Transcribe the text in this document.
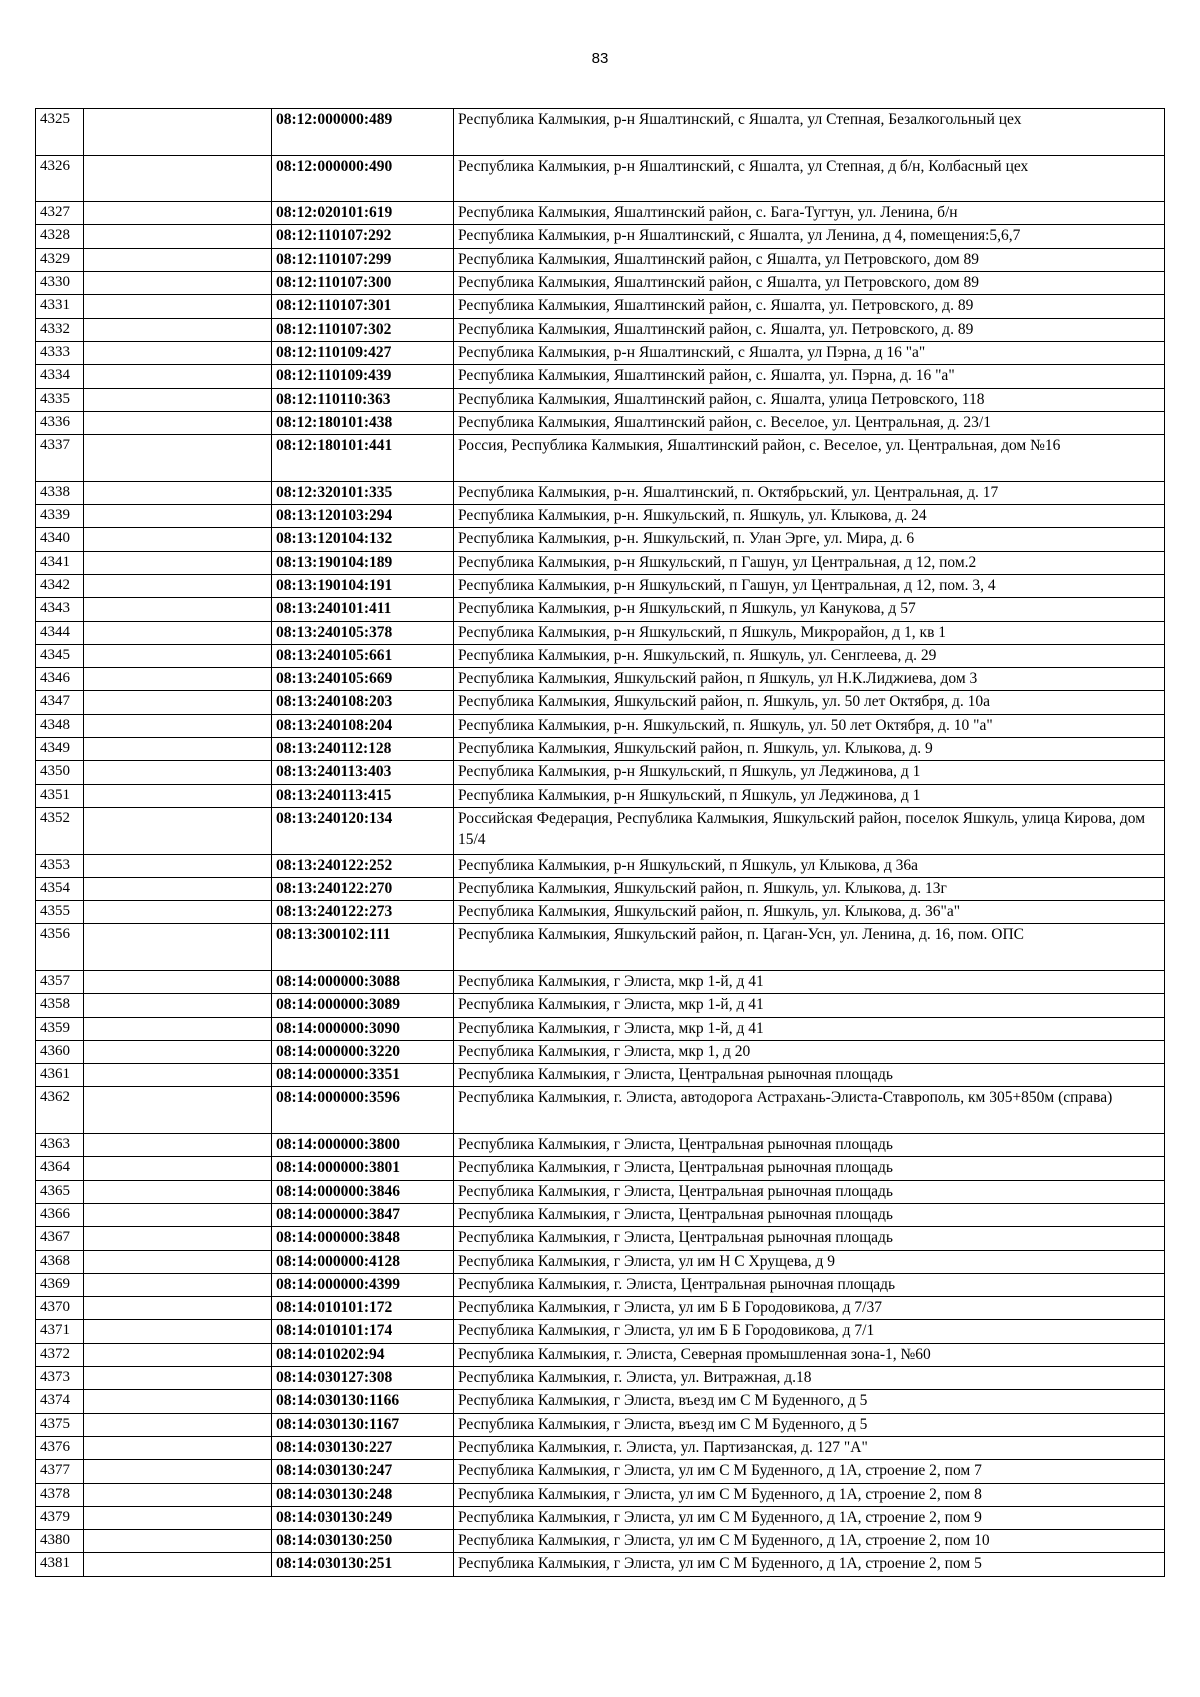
83
4325		08:12:000000:489	Республика Калмыкия, р-н Яшалтинский, с Яшалта, ул Степная, Безалкогольный цех
4326		08:12:000000:490	Республика Калмыкия, р-н Яшалтинский, с Яшалта, ул Степная, д б/н, Колбасный цех
4327		08:12:020101:619	Республика Калмыкия, Яшалтинский район, с. Бага-Тугтун, ул. Ленина, б/н
4328		08:12:110107:292	Республика Калмыкия, р-н Яшалтинский, с Яшалта, ул Ленина, д 4, помещения:5,6,7
4329		08:12:110107:299	Республика Калмыкия, Яшалтинский район, с Яшалта, ул Петровского, дом 89
4330		08:12:110107:300	Республика Калмыкия, Яшалтинский район, с Яшалта, ул Петровского, дом 89
4331		08:12:110107:301	Республика Калмыкия, Яшалтинский район, с. Яшалта, ул. Петровского, д. 89
4332		08:12:110107:302	Республика Калмыкия, Яшалтинский район, с. Яшалта, ул. Петровского, д. 89
4333		08:12:110109:427	Республика Калмыкия, р-н Яшалтинский, с Яшалта, ул Пэрна, д 16 "а"
4334		08:12:110109:439	Республика Калмыкия, Яшалтинский район, с. Яшалта, ул. Пэрна, д. 16 "а"
4335		08:12:110110:363	Республика Калмыкия, Яшалтинский район, с. Яшалта, улица Петровского, 118
4336		08:12:180101:438	Республика Калмыкия, Яшалтинский район, с. Веселое, ул. Центральная, д. 23/1
4337		08:12:180101:441	Россия, Республика Калмыкия, Яшалтинский район, с. Веселое, ул. Центральная, дом №16
4338		08:12:320101:335	Республика Калмыкия, р-н. Яшалтинский, п. Октябрьский, ул. Центральная, д. 17
4339		08:13:120103:294	Республика Калмыкия, р-н. Яшкульский, п. Яшкуль, ул. Клыкова, д. 24
4340		08:13:120104:132	Республика Калмыкия, р-н. Яшкульский, п. Улан Эрге, ул. Мира, д. 6
4341		08:13:190104:189	Республика Калмыкия, р-н Яшкульский, п Гашун, ул Центральная, д 12, пом.2
4342		08:13:190104:191	Республика Калмыкия, р-н Яшкульский, п Гашун, ул Центральная, д 12, пом. 3, 4
4343		08:13:240101:411	Республика Калмыкия, р-н Яшкульский, п Яшкуль, ул Канукова, д 57
4344		08:13:240105:378	Республика Калмыкия, р-н Яшкульский, п Яшкуль, Микрорайон, д 1, кв 1
4345		08:13:240105:661	Республика Калмыкия, р-н. Яшкульский, п. Яшкуль, ул. Сенглеева, д. 29
4346		08:13:240105:669	Республика Калмыкия, Яшкульский район, п Яшкуль, ул Н.К.Лиджиева, дом 3
4347		08:13:240108:203	Республика Калмыкия, Яшкульский район, п. Яшкуль, ул. 50 лет Октября, д. 10а
4348		08:13:240108:204	Республика Калмыкия, р-н. Яшкульский, п. Яшкуль, ул. 50 лет Октября, д. 10 "а"
4349		08:13:240112:128	Республика Калмыкия, Яшкульский район, п. Яшкуль, ул. Клыкова, д. 9
4350		08:13:240113:403	Республика Калмыкия, р-н Яшкульский, п Яшкуль, ул Леджинова, д 1
4351		08:13:240113:415	Республика Калмыкия, р-н Яшкульский, п Яшкуль, ул Леджинова, д 1
4352		08:13:240120:134	Российская Федерация, Республика Калмыкия, Яшкульский район, поселок Яшкуль, улица Кирова, дом 15/4
4353		08:13:240122:252	Республика Калмыкия, р-н Яшкульский, п Яшкуль, ул Клыкова, д 36а
4354		08:13:240122:270	Республика Калмыкия, Яшкульский район, п. Яшкуль, ул. Клыкова, д. 13г
4355		08:13:240122:273	Республика Калмыкия, Яшкульский район, п. Яшкуль, ул. Клыкова, д. 36"а"
4356		08:13:300102:111	Республика Калмыкия, Яшкульский район, п. Цаган-Усн, ул. Ленина, д. 16, пом. ОПС
4357		08:14:000000:3088	Республика Калмыкия, г Элиста, мкр 1-й, д 41
4358		08:14:000000:3089	Республика Калмыкия, г Элиста, мкр 1-й, д 41
4359		08:14:000000:3090	Республика Калмыкия, г Элиста, мкр 1-й, д 41
4360		08:14:000000:3220	Республика Калмыкия, г Элиста, мкр 1, д 20
4361		08:14:000000:3351	Республика Калмыкия, г Элиста, Центральная рыночная площадь
4362		08:14:000000:3596	Республика Калмыкия, г. Элиста, автодорога Астрахань-Элиста-Ставрополь, км 305+850м (справа)
4363		08:14:000000:3800	Республика Калмыкия, г Элиста, Центральная рыночная площадь
4364		08:14:000000:3801	Республика Калмыкия, г Элиста, Центральная рыночная площадь
4365		08:14:000000:3846	Республика Калмыкия, г Элиста, Центральная рыночная площадь
4366		08:14:000000:3847	Республика Калмыкия, г Элиста, Центральная рыночная площадь
4367		08:14:000000:3848	Республика Калмыкия, г Элиста, Центральная рыночная площадь
4368		08:14:000000:4128	Республика Калмыкия, г Элиста, ул им Н С Хрущева, д 9
4369		08:14:000000:4399	Республика Калмыкия, г. Элиста, Центральная рыночная площадь
4370		08:14:010101:172	Республика Калмыкия, г Элиста, ул им Б Б Городовикова, д 7/37
4371		08:14:010101:174	Республика Калмыкия, г Элиста, ул им Б Б Городовикова, д 7/1
4372		08:14:010202:94	Республика Калмыкия, г. Элиста, Северная промышленная зона-1, №60
4373		08:14:030127:308	Республика Калмыкия, г. Элиста, ул. Витражная, д.18
4374		08:14:030130:1166	Республика Калмыкия, г Элиста, въезд им С М Буденного, д 5
4375		08:14:030130:1167	Республика Калмыкия, г Элиста, въезд им С М Буденного, д 5
4376		08:14:030130:227	Республика Калмыкия, г. Элиста, ул. Партизанская, д. 127 "А"
4377		08:14:030130:247	Республика Калмыкия, г Элиста, ул им С М Буденного, д 1А, строение 2, пом 7
4378		08:14:030130:248	Республика Калмыкия, г Элиста, ул им С М Буденного, д 1А, строение 2, пом 8
4379		08:14:030130:249	Республика Калмыкия, г Элиста, ул им С М Буденного, д 1А, строение 2, пом 9
4380		08:14:030130:250	Республика Калмыкия, г Элиста, ул им С М Буденного, д 1А, строение 2, пом 10
4381		08:14:030130:251	Республика Калмыкия, г Элиста, ул им С М Буденного, д 1А, строение 2, пом 5
